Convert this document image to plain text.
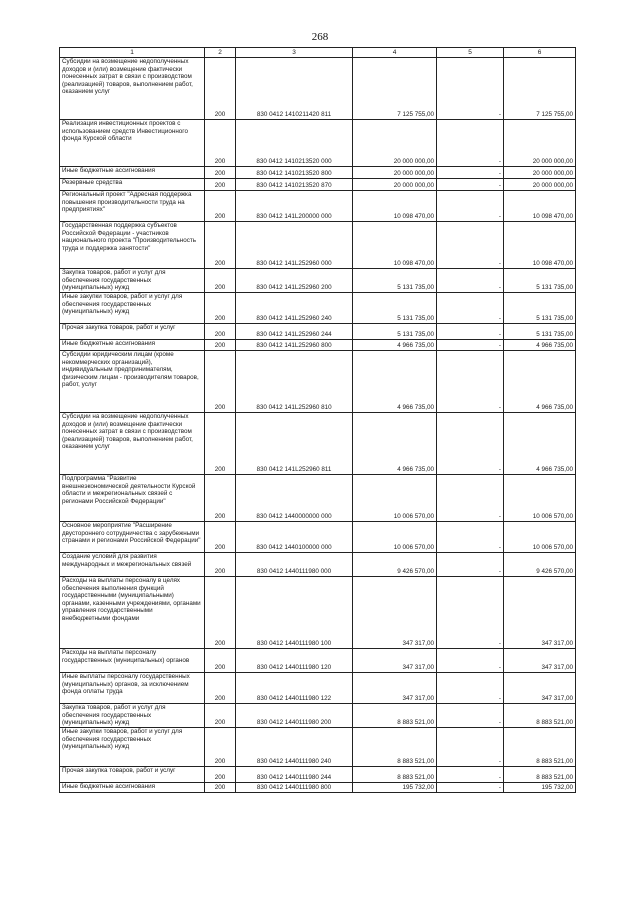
268
1	2	3	4	5	6
Субсидии на возмещение недополученных доходов и (или) возмещение фактически понесенных затрат в связи с производством (реализацией) товаров, выполнением работ, оказанием услуг	200	830 0412 1410211420 811	7 125 755,00	-	7 125 755,00
Реализация инвестиционных проектов с использованием средств Инвестиционного фонда Курской области	200	830 0412 1410213520 000	20 000 000,00	-	20 000 000,00
Иные бюджетные ассигнования	200	830 0412 1410213520 800	20 000 000,00	-	20 000 000,00
Резервные средства	200	830 0412 1410213520 870	20 000 000,00	-	20 000 000,00
Региональный проект "Адресная поддержка повышения производительности труда на предприятиях"	200	830 0412 141L200000 000	10 098 470,00	-	10 098 470,00
Государственная поддержка субъектов Российской Федерации - участников национального проекта "Производительность труда и поддержка занятости"	200	830 0412 141L252960 000	10 098 470,00	-	10 098 470,00
Закупка товаров, работ и услуг для обеспечения государственных (муниципальных) нужд	200	830 0412 141L252960 200	5 131 735,00	-	5 131 735,00
Иные закупки товаров, работ и услуг для обеспечения государственных (муниципальных) нужд	200	830 0412 141L252960 240	5 131 735,00	-	5 131 735,00
Прочая закупка товаров, работ и услуг	200	830 0412 141L252960 244	5 131 735,00	-	5 131 735,00
Иные бюджетные ассигнования	200	830 0412 141L252960 800	4 966 735,00	-	4 966 735,00
Субсидии юридическим лицам (кроме некоммерческих организаций), индивидуальным предпринимателям, физическим лицам - производителям товаров, работ, услуг	200	830 0412 141L252960 810	4 966 735,00	-	4 966 735,00
Субсидии на возмещение недополученных доходов и (или) возмещение фактически понесенных затрат в связи с производством (реализацией) товаров, выполнением работ, оказанием услуг	200	830 0412 141L252960 811	4 966 735,00	-	4 966 735,00
Подпрограмма "Развитие внешнеэкономической деятельности Курской области и межрегиональных связей с регионами Российской Федерации"	200	830 0412 1440000000 000	10 006 570,00	-	10 006 570,00
Основное мероприятие "Расширение двустороннего сотрудничества с зарубежными странами и регионами Российской Федерации"	200	830 0412 1440100000 000	10 006 570,00	-	10 006 570,00
Создание условий для развития международных и межрегиональных связей	200	830 0412 1440111980 000	9 426 570,00	-	9 426 570,00
Расходы на выплаты персоналу в целях обеспечения выполнения функций государственными (муниципальными) органами, казенными учреждениями, органами управления государственными внебюджетными фондами	200	830 0412 1440111980 100	347 317,00	-	347 317,00
Расходы на выплаты персоналу государственных (муниципальных) органов	200	830 0412 1440111980 120	347 317,00	-	347 317,00
Иные выплаты персоналу государственных (муниципальных) органов, за исключением фонда оплаты труда	200	830 0412 1440111980 122	347 317,00	-	347 317,00
Закупка товаров, работ и услуг для обеспечения государственных (муниципальных) нужд	200	830 0412 1440111980 200	8 883 521,00	-	8 883 521,00
Иные закупки товаров, работ и услуг для обеспечения государственных (муниципальных) нужд	200	830 0412 1440111980 240	8 883 521,00	-	8 883 521,00
Прочая закупка товаров, работ и услуг	200	830 0412 1440111980 244	8 883 521,00	-	8 883 521,00
Иные бюджетные ассигнования	200	830 0412 1440111980 800	195 732,00	-	195 732,00
